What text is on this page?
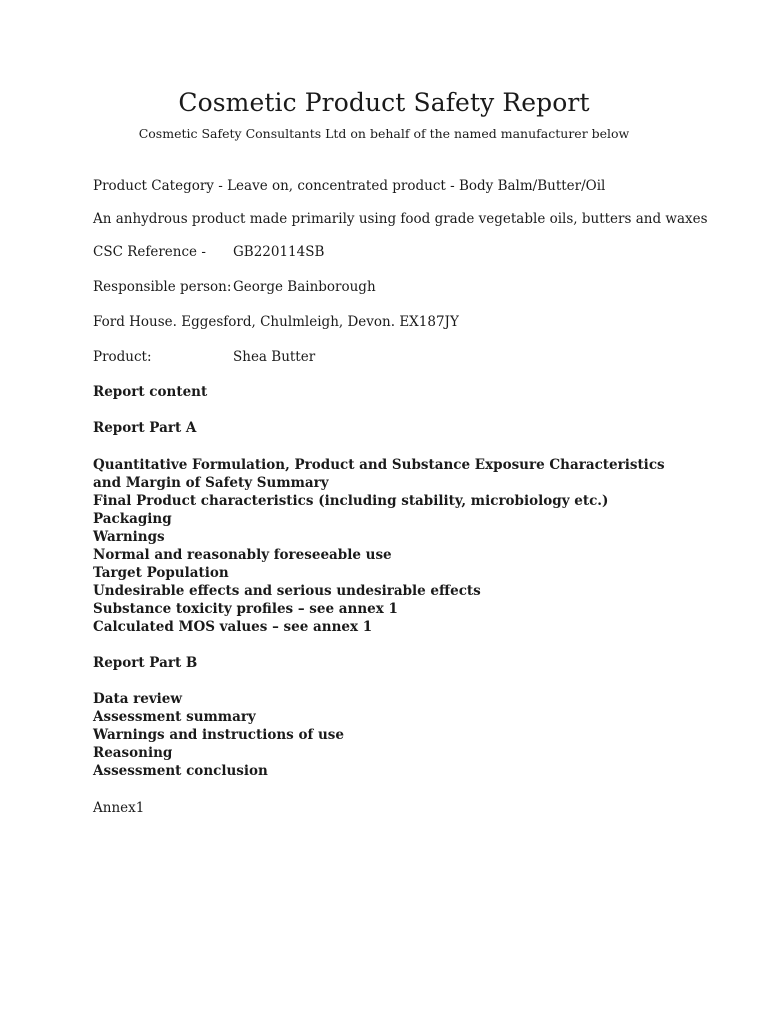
Cosmetic Product Safety Report

Cosmetic Safety Consultants Ltd on behalf of the named manufacturer below

Product Category - Leave on, concentrated product - Body Balm/Butter/Oil

An anhydrous product made primarily using food grade vegetable oils, butters and waxes

CSC Reference - GB220114SB
Responsible person: George Bainborough

Ford House. Eggesford, Chulmleigh, Devon. EX187JY

Product:	Shea Butter

Report content

Report Part A

Quantitative Formulation, Product and Substance Exposure Characteristics
and Margin of Safety Summary
Final Product characteristics (including stability, microbiology etc.)
Packaging
Warnings
Normal and reasonably foreseeable use
Target Population
Undesirable effects and serious undesirable effects
Substance toxicity profiles – see annex 1
Calculated MOS values – see annex 1

Report Part B

Data review
Assessment summary
Warnings and instructions of use
Reasoning
Assessment conclusion

Annex1
